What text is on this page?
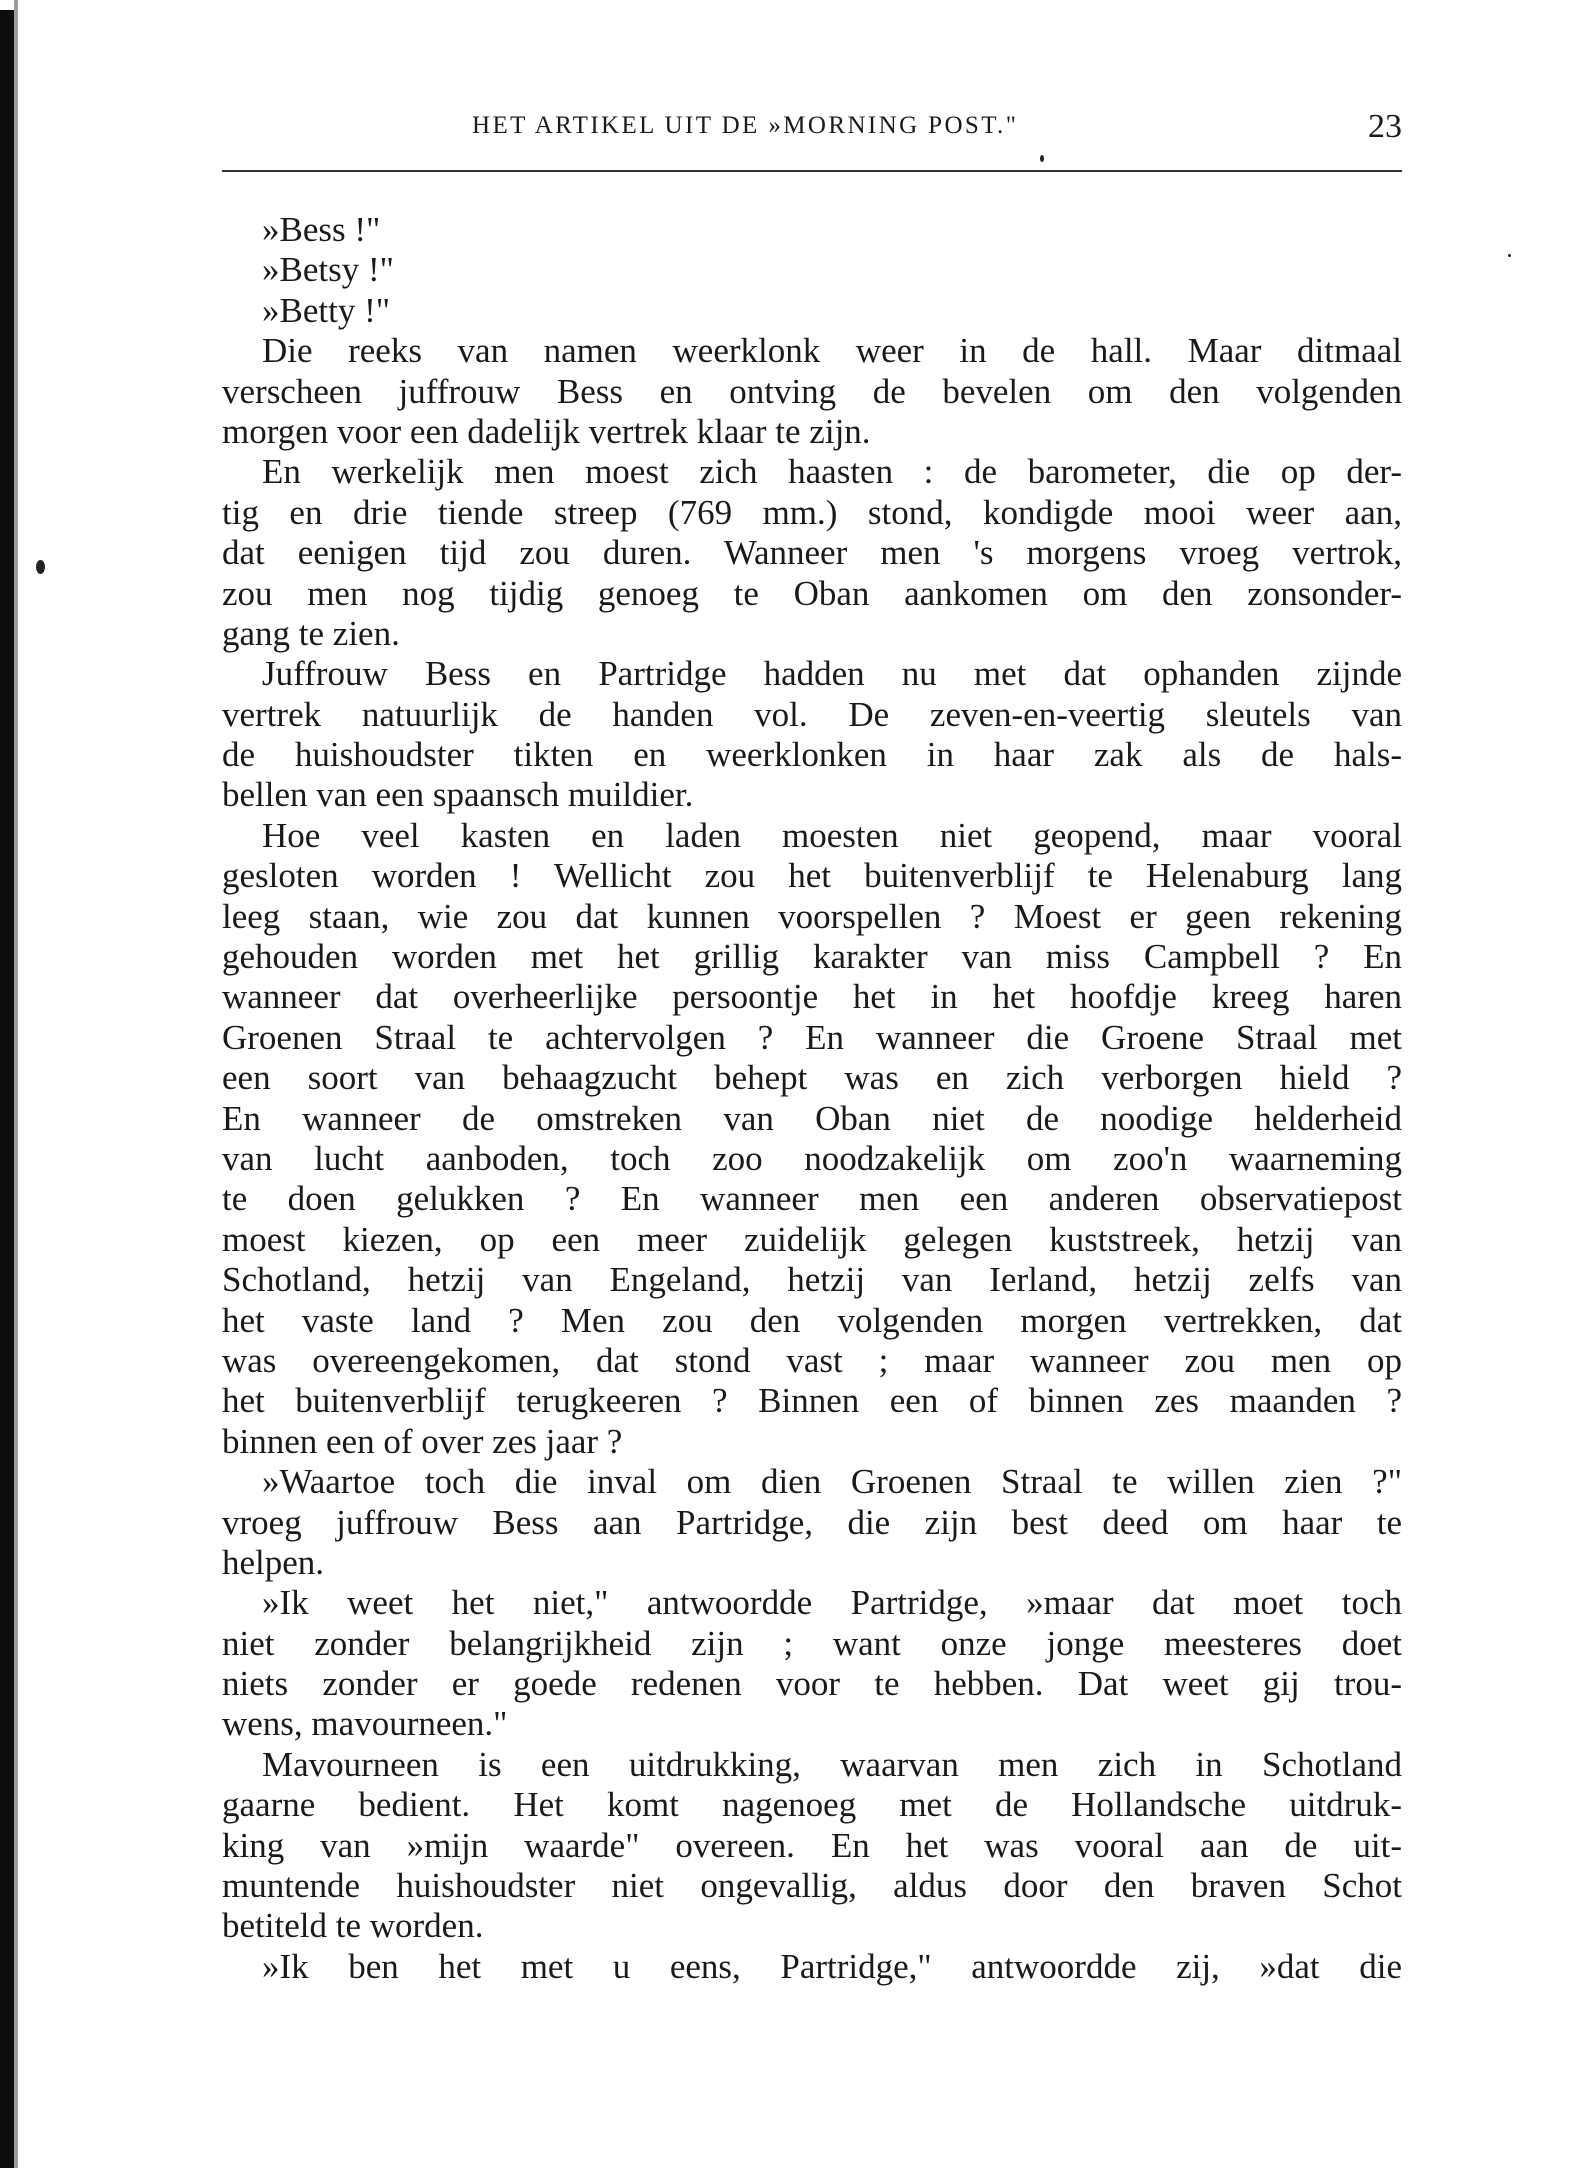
HET ARTIKEL UIT DE »MORNING POST."	23
»Bess !"
»Betsy !"
»Betty !"
Die reeks van namen weerklonk weer in de hall. Maar ditmaal
verscheen juffrouw Bess en ontving de bevelen om den volgenden
morgen voor een dadelijk vertrek klaar te zijn.
En werkelijk men moest zich haasten : de barometer, die op der-
tig en drie tiende streep (769 mm.) stond, kondigde mooi weer aan,
dat eenigen tijd zou duren. Wanneer men 's morgens vroeg vertrok,
zou men nog tijdig genoeg te Oban aankomen om den zonsonder-
gang te zien.
Juffrouw Bess en Partridge hadden nu met dat ophanden zijnde
vertrek natuurlijk de handen vol. De zeven-en-veertig sleutels van
de huishoudster tikten en weerklonken in haar zak als de hals-
bellen van een spaansch muildier.
Hoe veel kasten en laden moesten niet geopend, maar vooral
gesloten worden ! Wellicht zou het buitenverblijf te Helenaburg lang
leeg staan, wie zou dat kunnen voorspellen ? Moest er geen rekening
gehouden worden met het grillig karakter van miss Campbell ? En
wanneer dat overheerlijke persoontje het in het hoofdje kreeg haren
Groenen Straal te achtervolgen ? En wanneer die Groene Straal met
een soort van behaagzucht behept was en zich verborgen hield ?
En wanneer de omstreken van Oban niet de noodige helderheid
van lucht aanboden, toch zoo noodzakelijk om zoo'n waarneming
te doen gelukken ? En wanneer men een anderen observatiepost
moest kiezen, op een meer zuidelijk gelegen kuststreek, hetzij van
Schotland, hetzij van Engeland, hetzij van Ierland, hetzij zelfs van
het vaste land ? Men zou den volgenden morgen vertrekken, dat
was overeengekomen, dat stond vast ; maar wanneer zou men op
het buitenverblijf terugkeeren ? Binnen een of binnen zes maanden ?
binnen een of over zes jaar ?
»Waartoe toch die inval om dien Groenen Straal te willen zien ?"
vroeg juffrouw Bess aan Partridge, die zijn best deed om haar te
helpen.
»Ik weet het niet," antwoordde Partridge, »maar dat moet toch
niet zonder belangrijkheid zijn ; want onze jonge meesteres doet
niets zonder er goede redenen voor te hebben. Dat weet gij trou-
wens, mavourneen."
Mavourneen is een uitdrukking, waarvan men zich in Schotland
gaarne bedient. Het komt nagenoeg met de Hollandsche uitdruk-
king van »mijn waarde" overeen. En het was vooral aan de uit-
muntende huishoudster niet ongevallig, aldus door den braven Schot
betiteld te worden.
»Ik ben het met u eens, Partridge," antwoordde zij, »dat die
